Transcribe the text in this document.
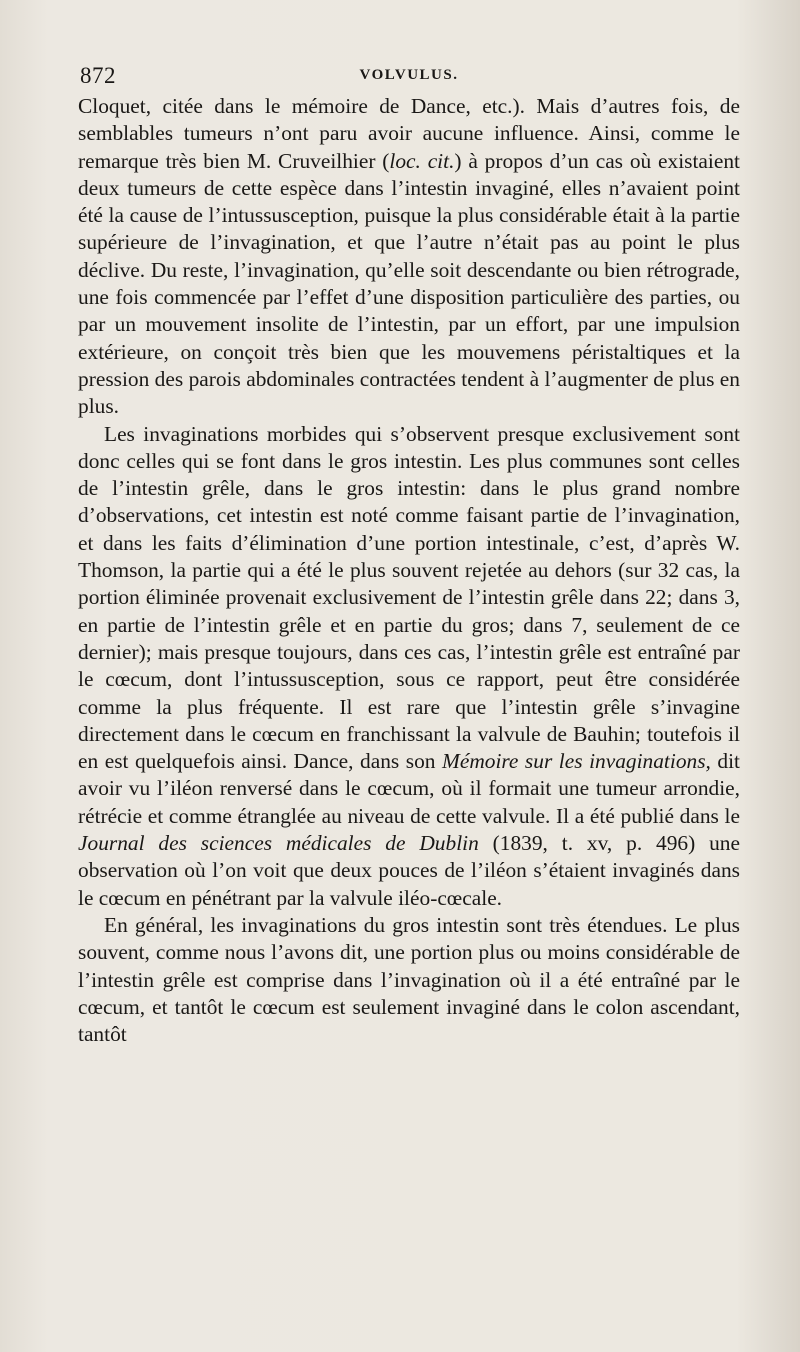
872	VOLVULUS.

Cloquet, citée dans le mémoire de Dance, etc.). Mais d’autres fois, de semblables tumeurs n’ont paru avoir aucune influence. Ainsi, comme le remarque très bien M. Cruveilhier (loc. cit.) à propos d’un cas où existaient deux tumeurs de cette espèce dans l’intestin invaginé, elles n’avaient point été la cause de l’intussusception, puisque la plus considérable était à la partie supérieure de l’invagination, et que l’autre n’était pas au point le plus déclive. Du reste, l’invagination, qu’elle soit descendante ou bien rétrograde, une fois commencée par l’effet d’une disposition particulière des parties, ou par un mouvement insolite de l’intestin, par un effort, par une impulsion extérieure, on conçoit très bien que les mouvemens péristaltiques et la pression des parois abdominales contractées tendent à l’augmenter de plus en plus.

Les invaginations morbides qui s’observent presque exclusivement sont donc celles qui se font dans le gros intestin. Les plus communes sont celles de l’intestin grêle, dans le gros intestin: dans le plus grand nombre d’observations, cet intestin est noté comme faisant partie de l’invagination, et dans les faits d’élimination d’une portion intestinale, c’est, d’après W. Thomson, la partie qui a été le plus souvent rejetée au dehors (sur 32 cas, la portion éliminée provenait exclusivement de l’intestin grêle dans 22; dans 3, en partie de l’intestin grêle et en partie du gros; dans 7, seulement de ce dernier); mais presque toujours, dans ces cas, l’intestin grêle est entraîné par le cœcum, dont l’intussusception, sous ce rapport, peut être considérée comme la plus fréquente. Il est rare que l’intestin grêle s’invagine directement dans le cœcum en franchissant la valvule de Bauhin; toutefois il en est quelquefois ainsi. Dance, dans son Mémoire sur les invaginations, dit avoir vu l’iléon renversé dans le cœcum, où il formait une tumeur arrondie, rétrécie et comme étranglée au niveau de cette valvule. Il a été publié dans le Journal des sciences médicales de Dublin (1839, t. xv, p. 496) une observation où l’on voit que deux pouces de l’iléon s’étaient invaginés dans le cœcum en pénétrant par la valvule iléo-cœcale.

En général, les invaginations du gros intestin sont très étendues. Le plus souvent, comme nous l’avons dit, une portion plus ou moins considérable de l’intestin grêle est comprise dans l’invagination où il a été entraîné par le cœcum, et tantôt le cœcum est seulement invaginé dans le colon ascendant, tantôt
